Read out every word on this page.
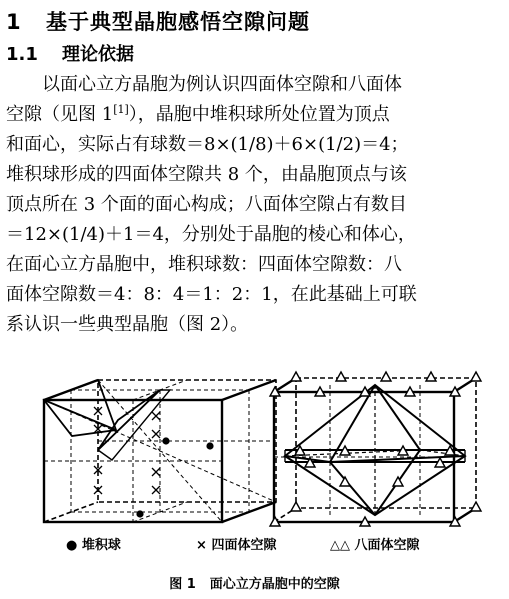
1 基于典型晶胞感悟空隙问题
1.1 理论依据
以面心立方晶胞为例认识四面体空隙和八面体
空隙（见图 1[1]），晶胞中堆积球所处位置为顶点
和面心，实际占有球数＝8×(1/8)＋6×(1/2)＝4；
堆积球形成的四面体空隙共 8 个，由晶胞顶点与该
顶点所在 3 个面的面心构成；八面体空隙占有数目
＝12×(1/4)＋1＝4，分别处于晶胞的棱心和体心，
在面心立方晶胞中，堆积球数：四面体空隙数：八
面体空隙数＝4：8：4＝1：2：1，在此基础上可联
系认识一些典型晶胞（图 2）。
● 堆积球	× 四面体空隙	△△ 八面体空隙
图 1 面心立方晶胞中的空隙
